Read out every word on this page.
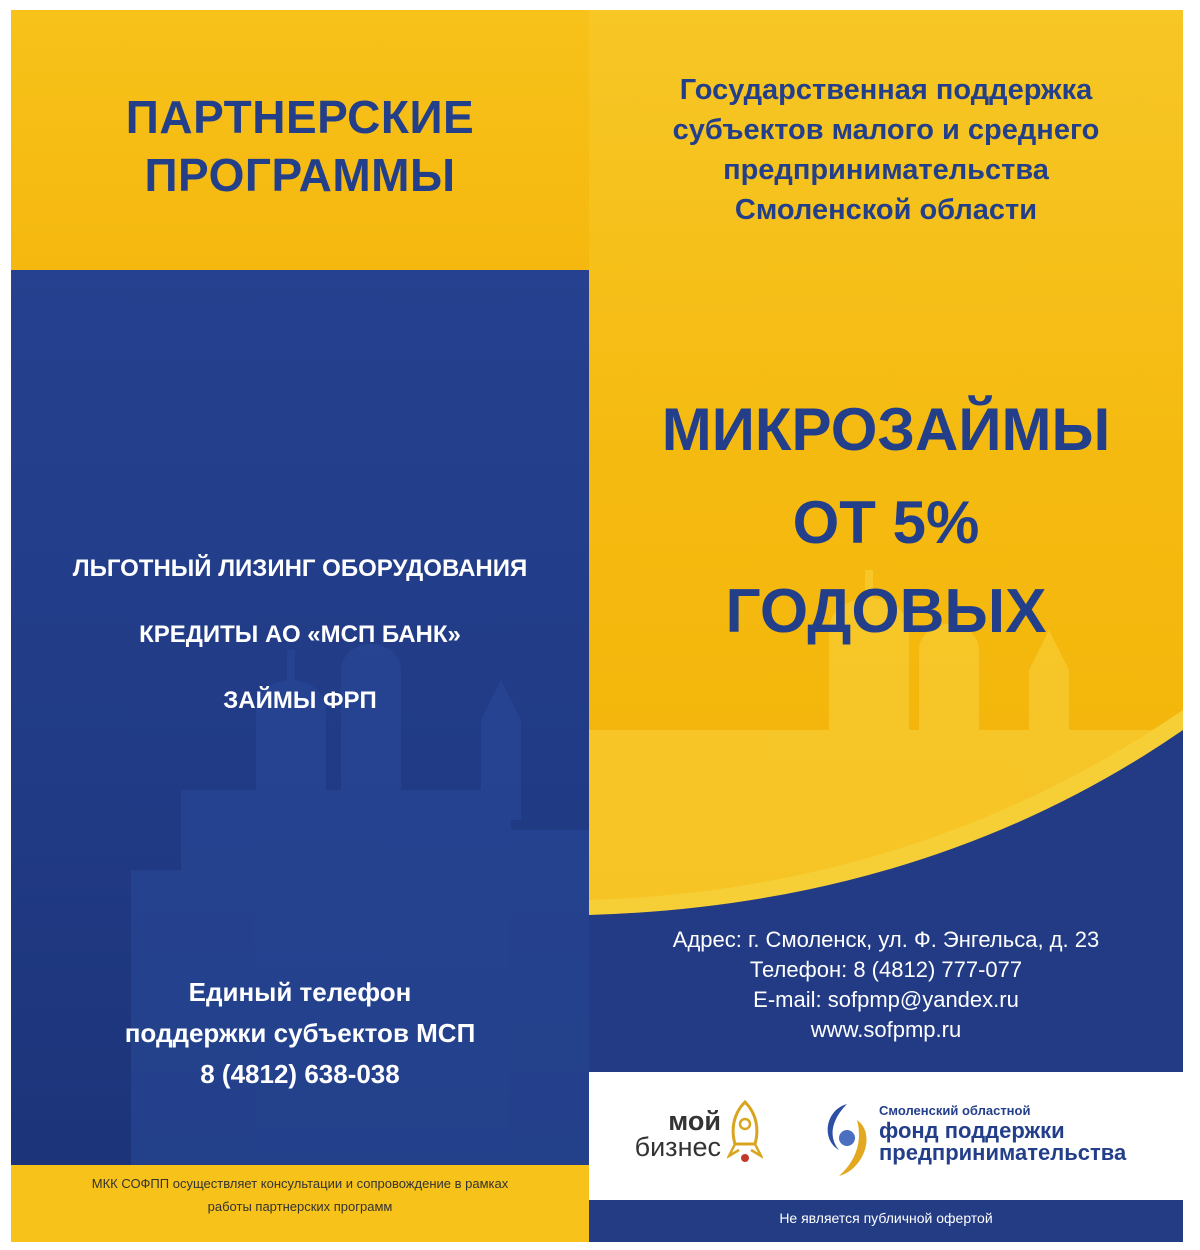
ПАРТНЕРСКИЕ
ПРОГРАММЫ
ЛЬГОТНЫЙ ЛИЗИНГ ОБОРУДОВАНИЯ
КРЕДИТЫ АО «МСП БАНК»
ЗАЙМЫ ФРП
Единый телефон
поддержки субъектов МСП
8 (4812) 638-038
МКК СОФПП осуществляет консультации и сопровождение в рамках
работы партнерских программ
Государственная поддержка
субъектов малого и среднего
предпринимательства
Смоленской области
МИКРОЗАЙМЫ
ОТ 5%
ГОДОВЫХ
Адрес: г. Смоленск, ул. Ф. Энгельса, д. 23
Телефон: 8 (4812) 777-077
E-mail: sofpmp@yandex.ru
www.sofpmp.ru
мой
бизнес
Смоленский областной
фонд поддержки
предпринимательства
Не является публичной офертой
